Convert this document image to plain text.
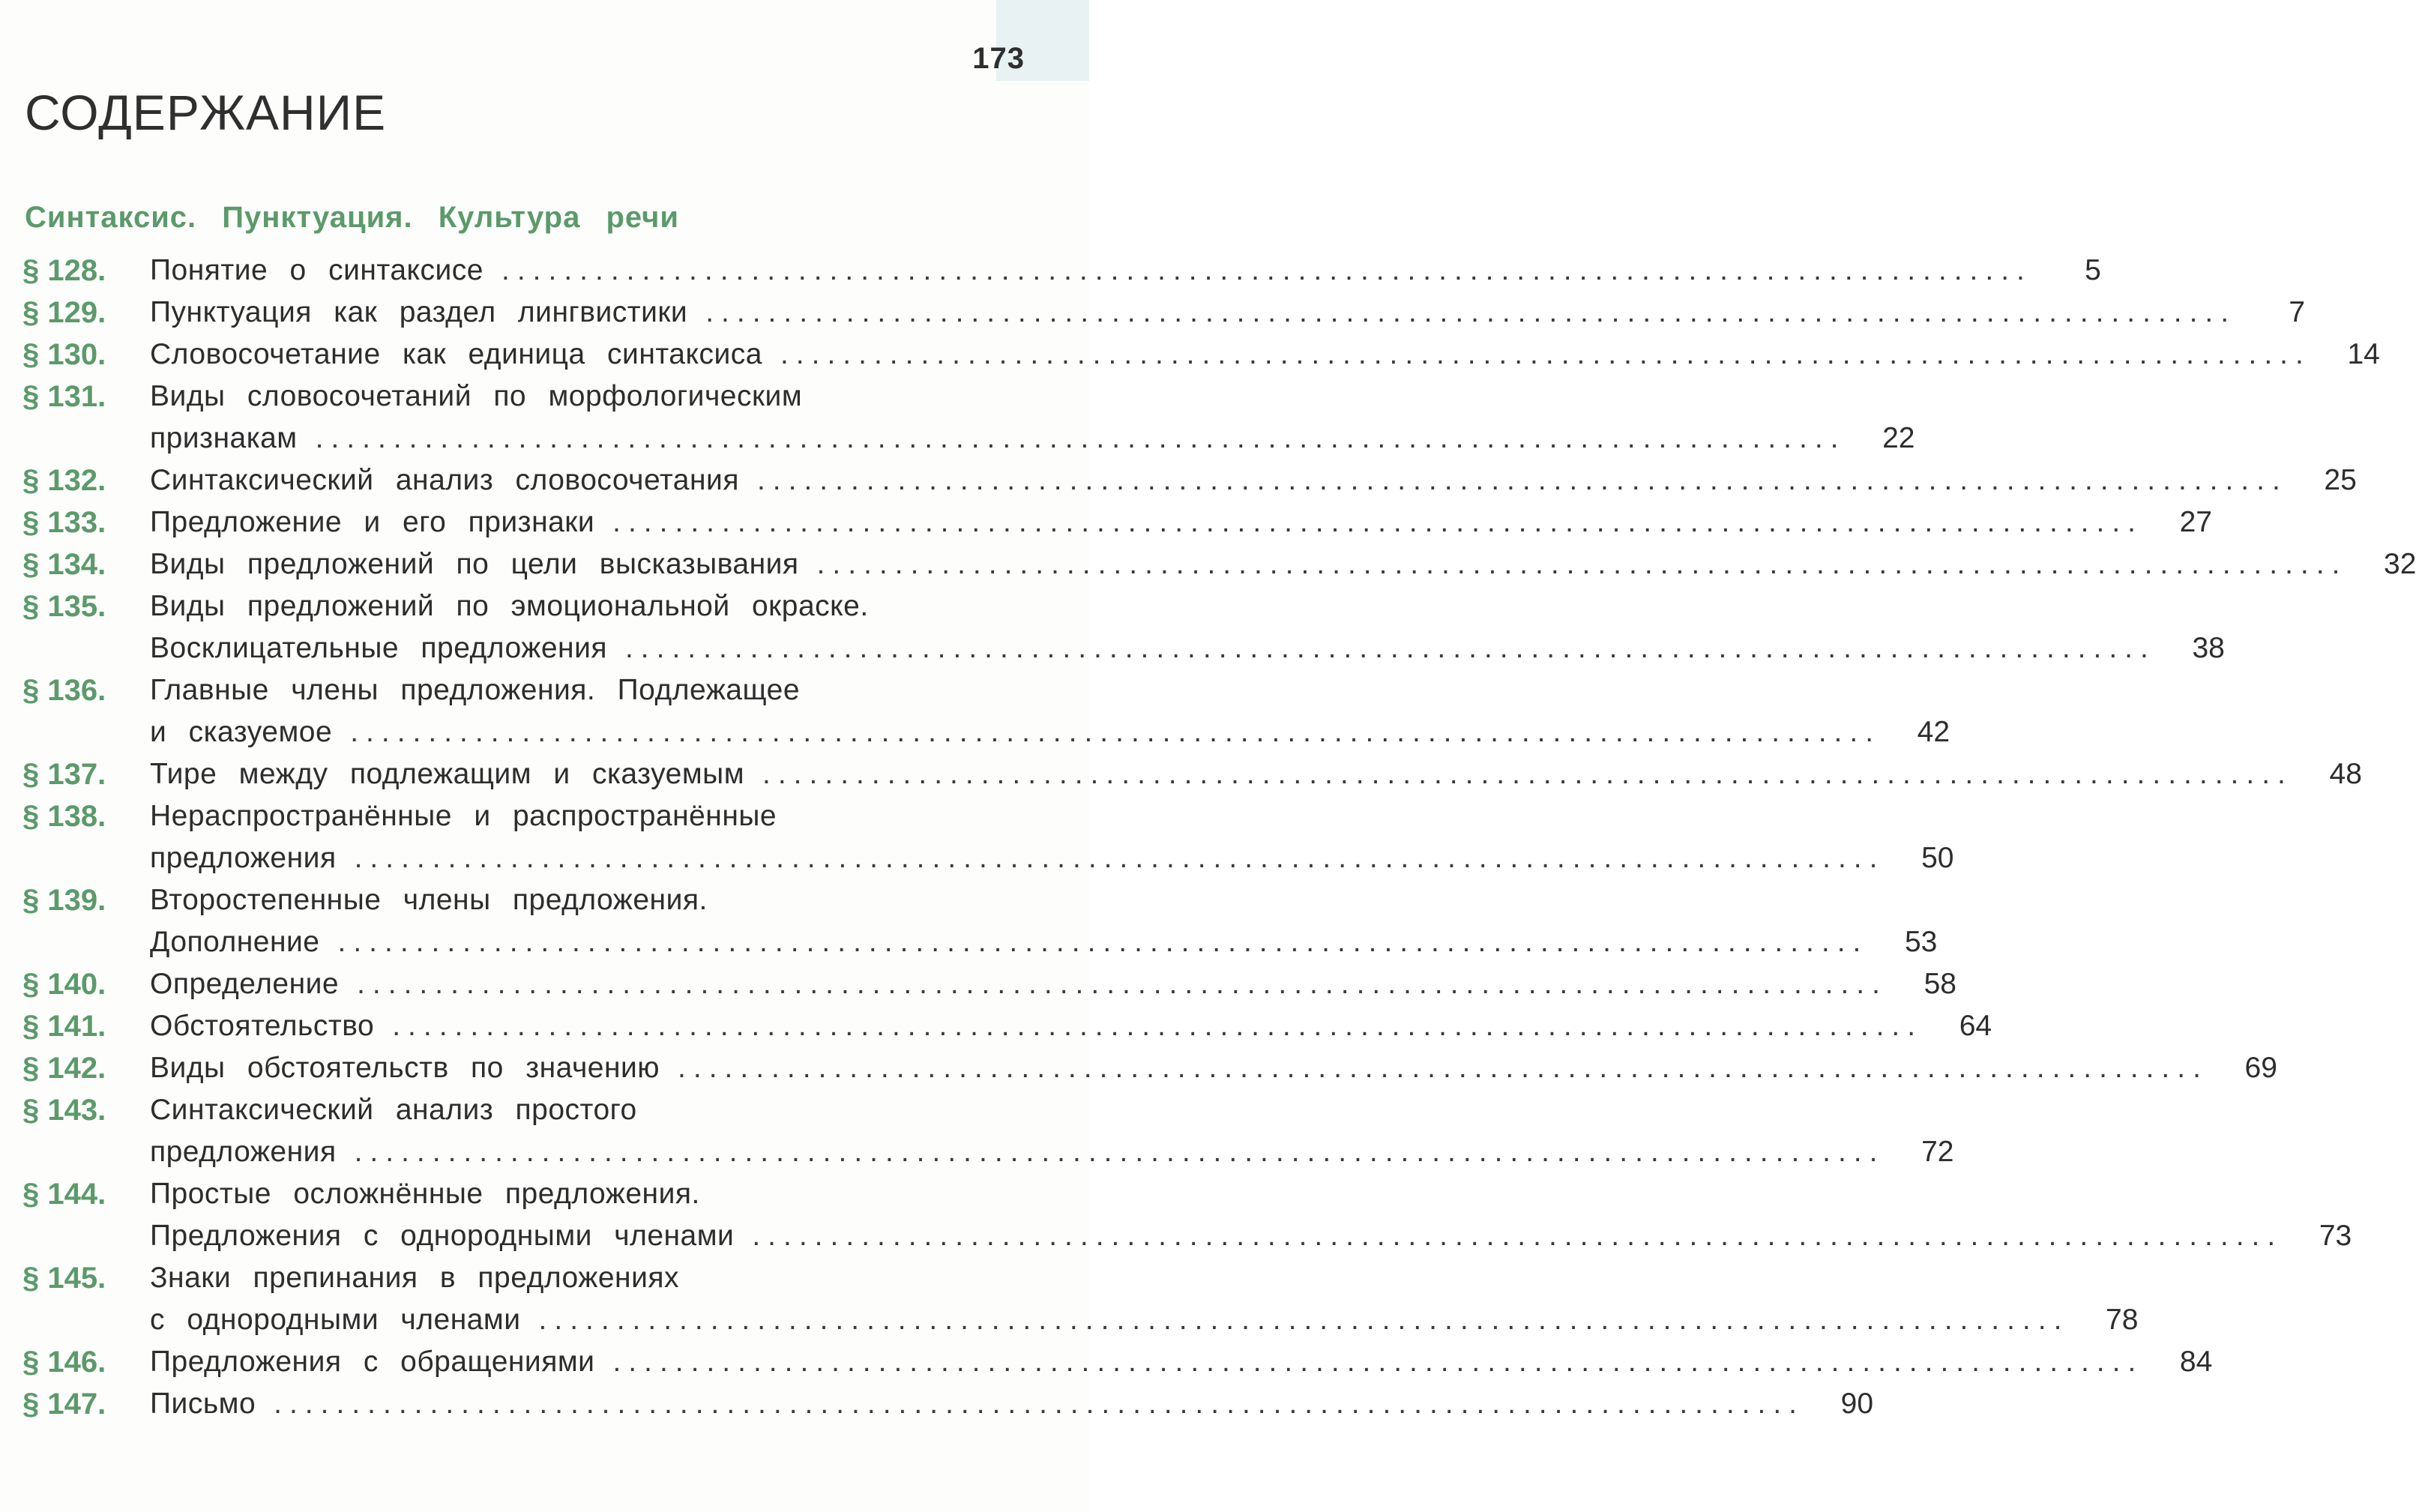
173
СОДЕРЖАНИЕ
Синтаксис. Пунктуация. Культура речи
§ 128. Понятие о синтаксисе ..................................................................................................	5
§ 129. Пунктуация как раздел лингвистики ..................................................................................................	7
§ 130. Словосочетание как единица синтаксиса ..................................................................................................	14
§ 131. Виды словосочетаний по морфологическим
признакам ..................................................................................................	22
§ 132. Синтаксический анализ словосочетания ..................................................................................................	25
§ 133. Предложение и его признаки ..................................................................................................	27
§ 134. Виды предложений по цели высказывания ..................................................................................................	32
§ 135. Виды предложений по эмоциональной окраске.
Восклицательные предложения ..................................................................................................	38
§ 136. Главные члены предложения. Подлежащее
и сказуемое ..................................................................................................	42
§ 137. Тире между подлежащим и сказуемым ..................................................................................................	48
§ 138. Нераспространённые и распространённые
предложения ..................................................................................................	50
§ 139. Второстепенные члены предложения.
Дополнение ..................................................................................................	53
§ 140. Определение ..................................................................................................	58
§ 141. Обстоятельство ..................................................................................................	64
§ 142. Виды обстоятельств по значению ..................................................................................................	69
§ 143. Синтаксический анализ простого
предложения ..................................................................................................	72
§ 144. Простые осложнённые предложения.
Предложения с однородными членами ..................................................................................................	73
§ 145. Знаки препинания в предложениях
с однородными членами ..................................................................................................	78
§ 146. Предложения с обращениями ..................................................................................................	84
§ 147. Письмо ..................................................................................................	90
